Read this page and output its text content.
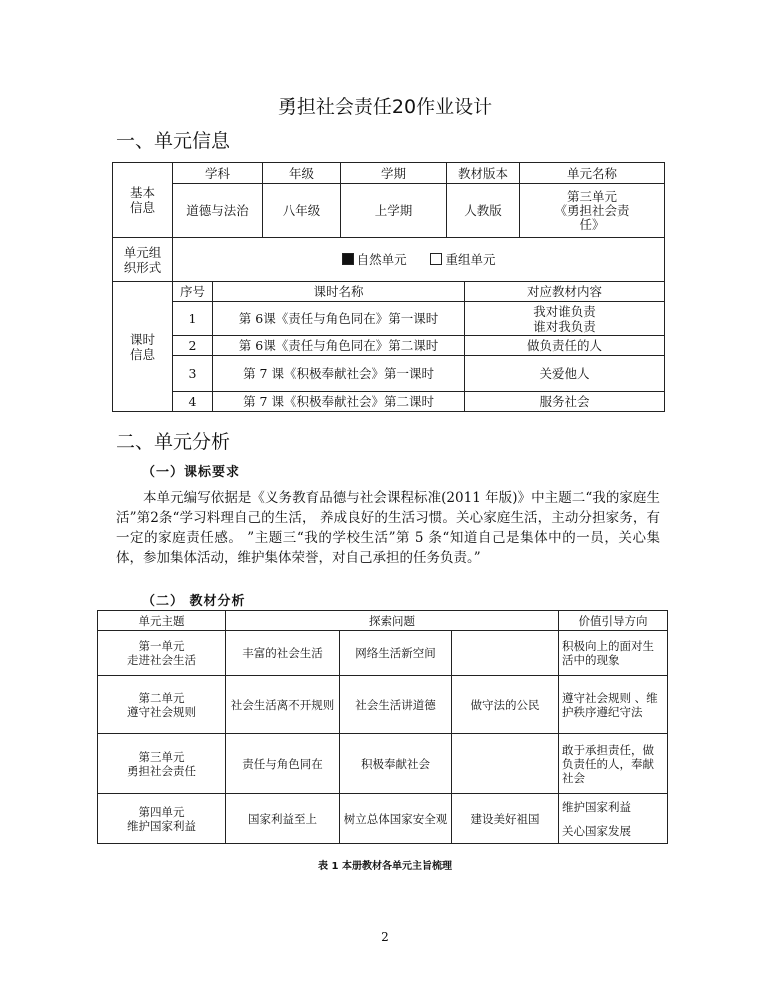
勇担社会责任20作业设计
一、单元信息
基本
信息	学科		年级	学期	教材版本		单元名称
	道德与法治		八年级	上学期	人教版		第三单元
《勇担社会责
任》
单元组
织形式	自然单元 重组单元						
课时
信息	序号	课时名称				对应教材内容	
	1	第 6课《责任与角色同在》第一课时				我对谁负责
谁对我负责	
	2	第 6课《责任与角色同在》第二课时				做负责任的人	
	3	第 7 课《积极奉献社会》第一课时				关爱他人	
	4	第 7 课《积极奉献社会》第二课时				服务社会	
二、单元分析
（一）课标要求
本单元编写依据是《义务教育品德与社会课程标准(2011 年版)》中主题二“我的家庭生活”第2条“学习料理自己的生活， 养成良好的生活习惯。关心家庭生活，主动分担家务，有一定的家庭责任感。 ”主题三“我的学校生活”第 5 条“知道自己是集体中的一员，关心集体，参加集体活动，维护集体荣誉，对自己承担的任务负责。”
（二） 教材分析
单元主题	探索问题			价值引导方向
第一单元
走进社会生活	丰富的社会生活	网络生活新空间		积极向上的面对生活中的现象
第二单元
遵守社会规则	社会生活离不开规则	社会生活讲道德	做守法的公民	遵守社会规则 、维护秩序遵纪守法
第三单元
勇担社会责任	责任与角色同在	积极奉献社会		敢于承担责任，做负责任的人，奉献社会
第四单元
维护国家利益	国家利益至上	树立总体国家安全观	建设美好祖国	维护国家利益

关心国家发展
表 1 本册教材各单元主旨梳理
2
